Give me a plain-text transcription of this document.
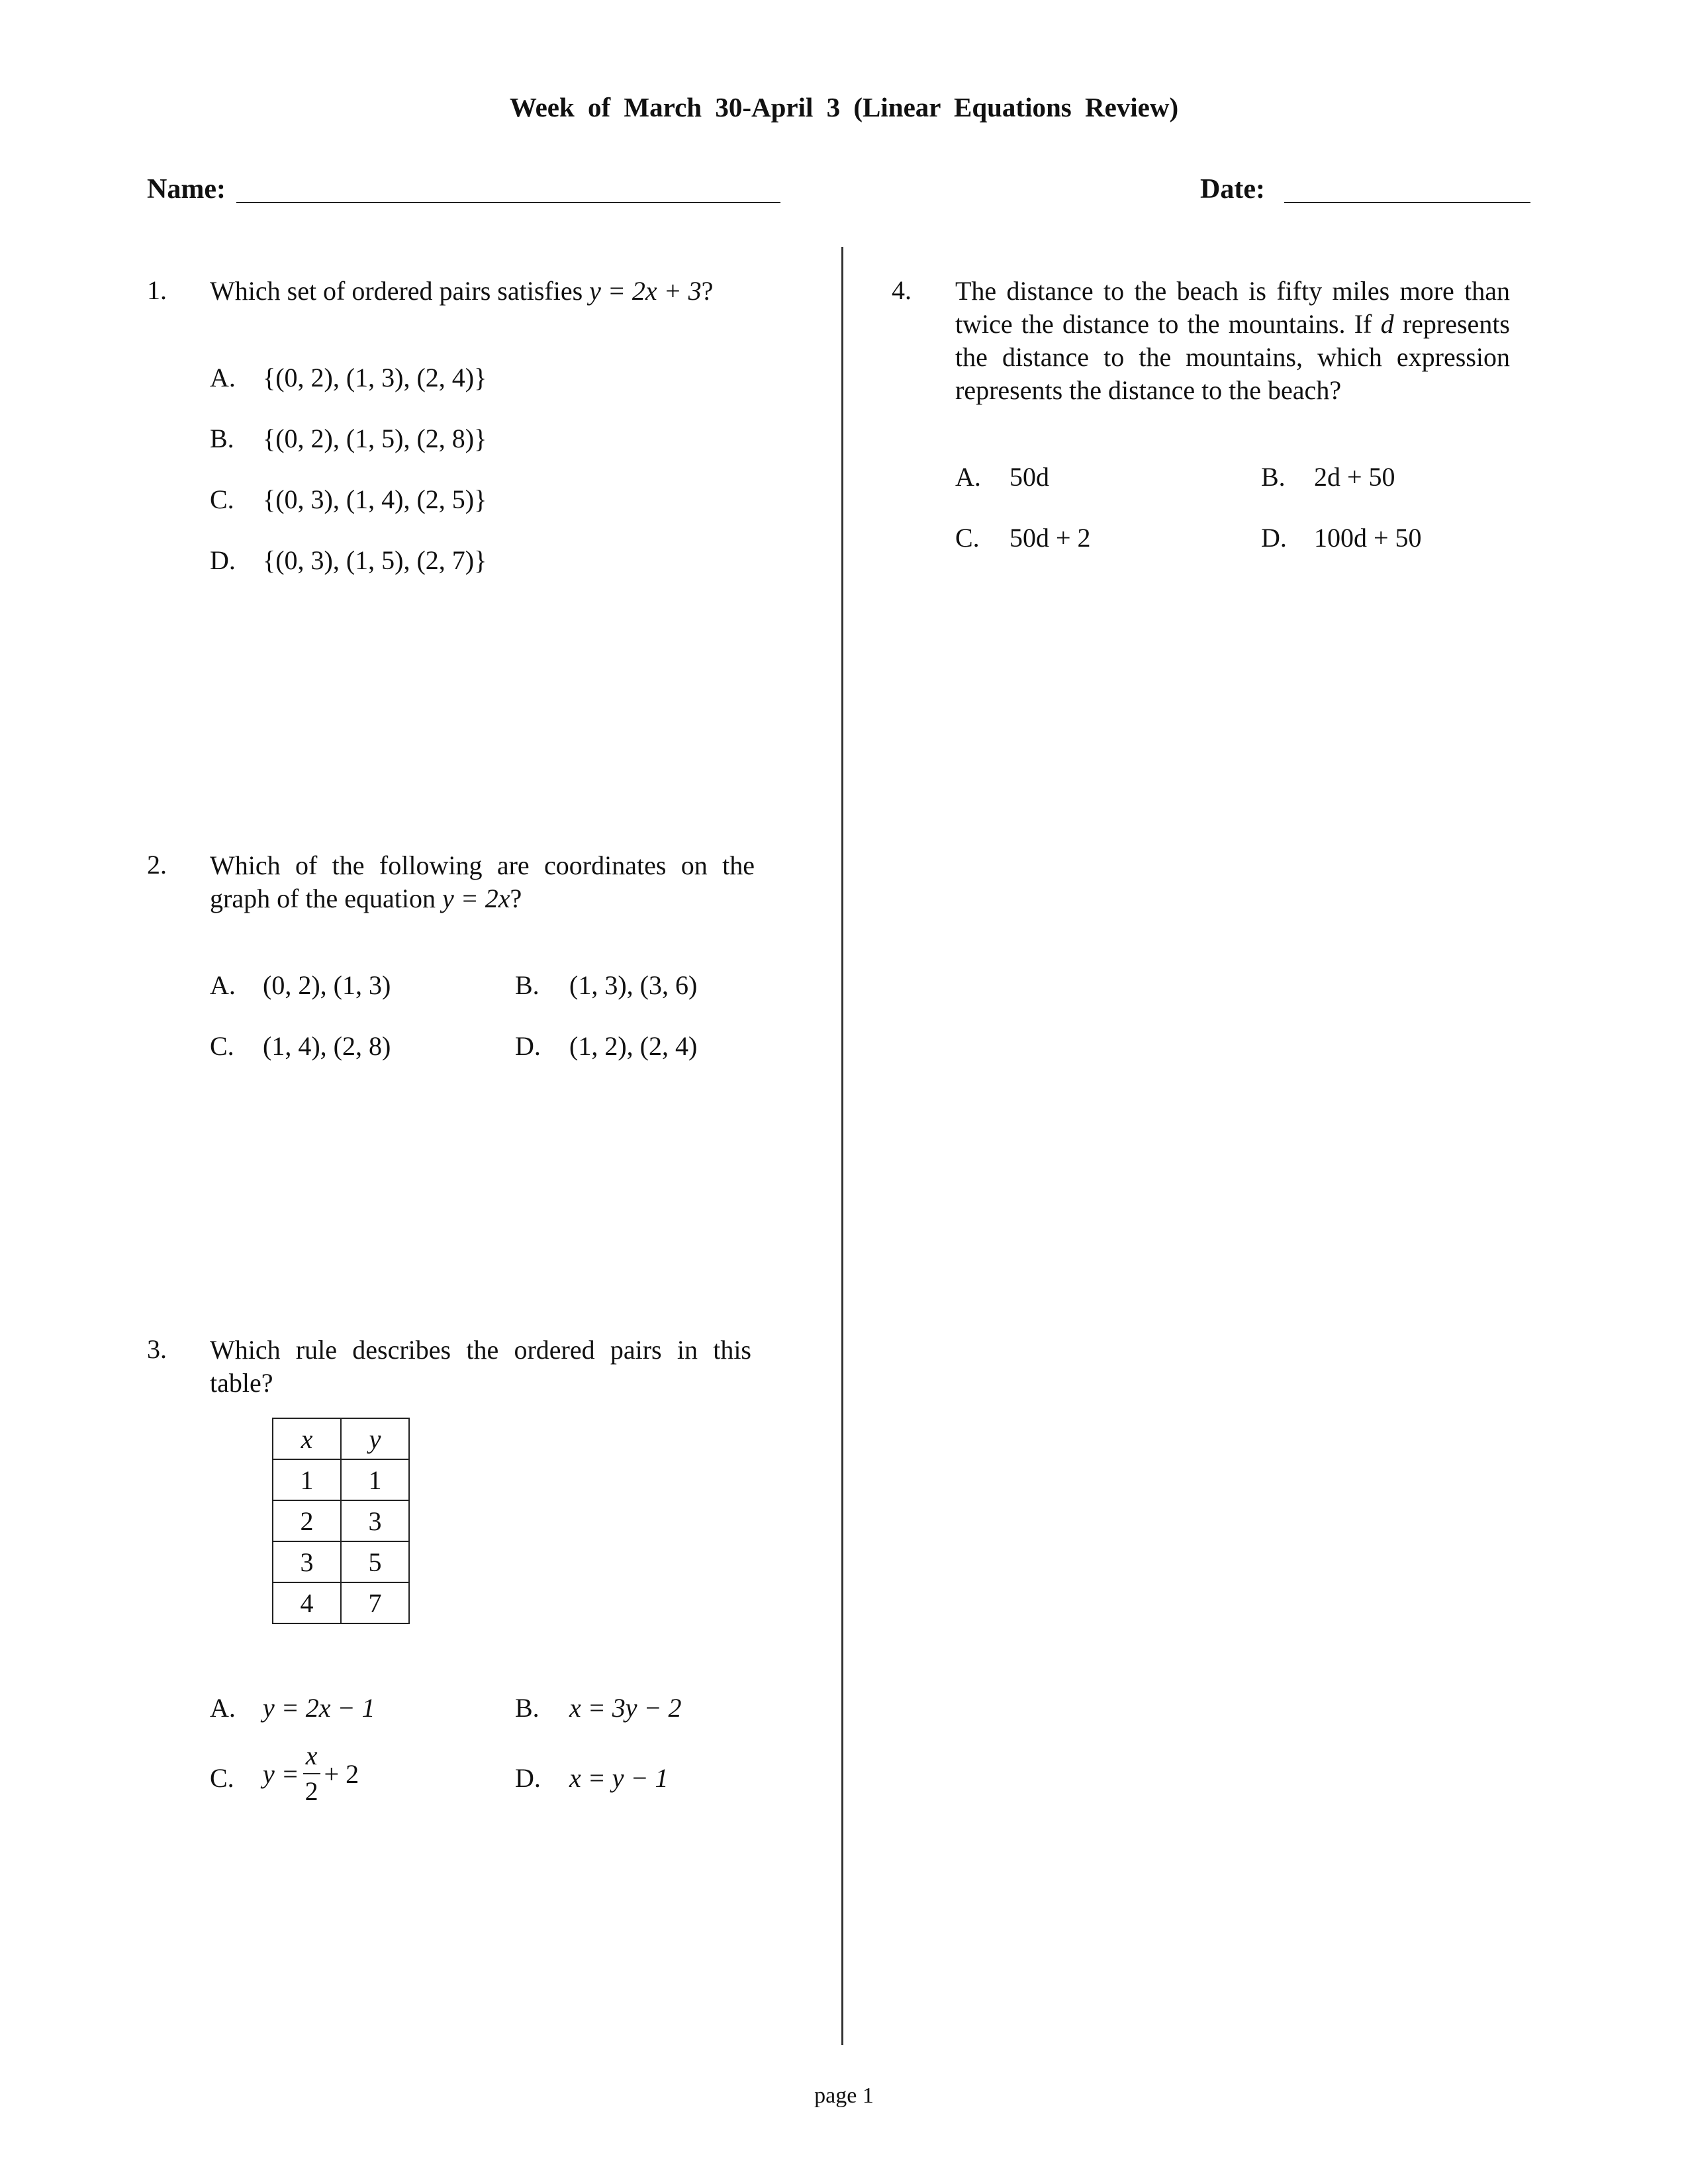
Week of March 30-April 3 (Linear Equations Review)
Name:	Date:
1. Which set of ordered pairs satisfies y = 2x + 3?
A. {(0, 2), (1, 3), (2, 4)}
B. {(0, 2), (1, 5), (2, 8)}
C. {(0, 3), (1, 4), (2, 5)}
D. {(0, 3), (1, 5), (2, 7)}
2. Which of the following are coordinates on the graph of the equation y = 2x?
A. (0, 2), (1, 3)	B. (1, 3), (3, 6)
C. (1, 4), (2, 8)	D. (1, 2), (2, 4)
3. Which rule describes the ordered pairs in this table?
x	y
1	1
2	3
3	5
4	7
A. y = 2x − 1	B. x = 3y − 2
C. $y = \frac{x}{2} + 2$	D. x = y − 1
4. The distance to the beach is fifty miles more than twice the distance to the mountains. If d represents the distance to the mountains, which expression represents the distance to the beach?
A. 50d	B. 2d + 50
C. 50d + 2	D. 100d + 50
page 1
